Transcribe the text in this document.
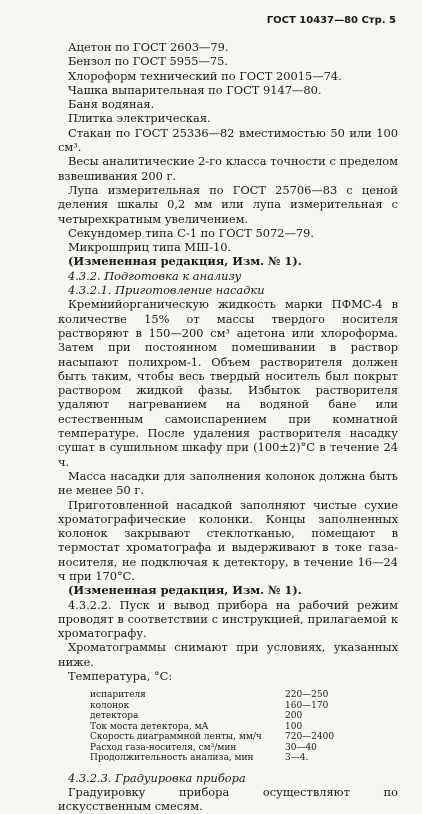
ГОСТ 10437—80 Стр. 5

Ацетон по ГОСТ 2603—79.

Бензол по ГОСТ 5955—75.

Хлороформ технический по ГОСТ 20015—74.

Чашка выпарительная по ГОСТ 9147—80.

Баня водяная.

Плитка электрическая.

Стакан по ГОСТ 25336—82 вместимостью 50 или 100 см³.

Весы аналитические 2-го класса точности с пределом взвешивания 200 г.

Лупа измерительная по ГОСТ 25706—83 с ценой деления шкалы 0,2 мм или лупа измерительная с четырехкратным увеличением.

Секундомер типа С-1 по ГОСТ 5072—79.

Микрошприц типа МШ-10.

(Измененная редакция, Изм. № 1).

4.3.2. Подготовка к анализу

4.3.2.1. Приготовление насадки

Кремнийорганическую жидкость марки ПФМС-4 в количестве 15% от массы твердого носителя растворяют в 150—200 см³ ацетона или хлороформа. Затем при постоянном помешивании в раствор насыпают полихром-1. Объем растворителя должен быть таким, чтобы весь твердый носитель был покрыт раствором жидкой фазы. Избыток растворителя удаляют нагреванием на водяной бане или естественным самоиспарением при комнатной температуре. После удаления растворителя насадку сушат в сушильном шкафу при (100±2)°С в течение 24 ч.

Масса насадки для заполнения колонок должна быть не менее 50 г.

Приготовленной насадкой заполняют чистые сухие хроматографические колонки. Концы заполненных колонок закрывают стеклотканью, помещают в термостат хроматографа и выдерживают в токе газа-носителя, не подключая к детектору, в течение 16—24 ч при 170°С.

(Измененная редакция, Изм. № 1).

4.3.2.2. Пуск и вывод прибора на рабочий режим проводят в соответствии с инструкцией, прилагаемой к хроматографу.

Хроматограммы снимают при условиях, указанных ниже.

Температура, °С:

испарителя	220—250
колонок	160—170
детектора	200
Ток моста детектора, мА	100
Скорость диаграммной ленты, мм/ч	720—2400
Расход газа-носителя, см³/мин	30—40
Продолжительность анализа, мин	3—4.

4.3.2.3. Градуировка прибора

Градуировку прибора осуществляют по искусственным смесям.
